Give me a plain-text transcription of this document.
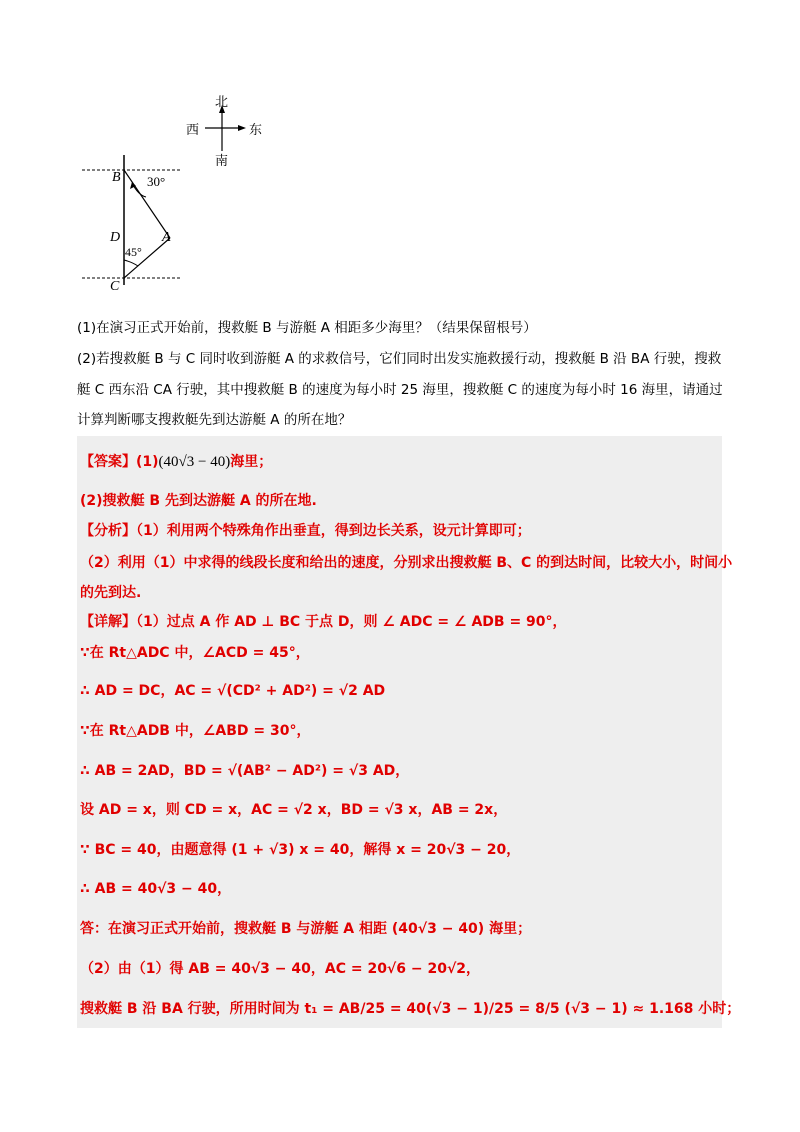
北
西	东
南
B
D	A
C
30°
45°
(1)在演习正式开始前，搜救艇 B 与游艇 A 相距多少海里？（结果保留根号）
(2)若搜救艇 B 与 C 同时收到游艇 A 的求救信号，它们同时出发实施救援行动，搜救艇 B 沿 BA 行驶，搜救
艇 C 西东沿 CA 行驶，其中搜救艇 B 的速度为每小时 25 海里，搜救艇 C 的速度为每小时 16 海里，请通过
计算判断哪支搜救艇先到达游艇 A 的所在地？
【答案】(1)(40√3 − 40)海里；
(2)搜救艇 B 先到达游艇 A 的所在地.
【分析】（1）利用两个特殊角作出垂直，得到边长关系，设元计算即可；
（2）利用（1）中求得的线段长度和给出的速度，分别求出搜救艇 B、C 的到达时间，比较大小，时间小
的先到达.
【详解】（1）过点 A 作 AD ⊥ BC 于点 D，则 ∠ ADC = ∠ ADB = 90°，
∵在 Rt△ADC 中，∠ACD = 45°，
∴ AD = DC，AC = √(CD² + AD²) = √2 AD
∵在 Rt△ADB 中，∠ABD = 30°，
∴ AB = 2AD，BD = √(AB² − AD²) = √3 AD，
设 AD = x，则 CD = x，AC = √2 x，BD = √3 x，AB = 2x，
∵ BC = 40，由题意得 (1 + √3) x = 40，解得 x = 20√3 − 20，
∴ AB = 40√3 − 40，
答：在演习正式开始前，搜救艇 B 与游艇 A 相距 (40√3 − 40) 海里；
（2）由（1）得 AB = 40√3 − 40，AC = 20√6 − 20√2，
搜救艇 B 沿 BA 行驶，所用时间为 t₁ = AB/25 = 40(√3 − 1)/25 = 8/5 (√3 − 1) ≈ 1.168 小时；
